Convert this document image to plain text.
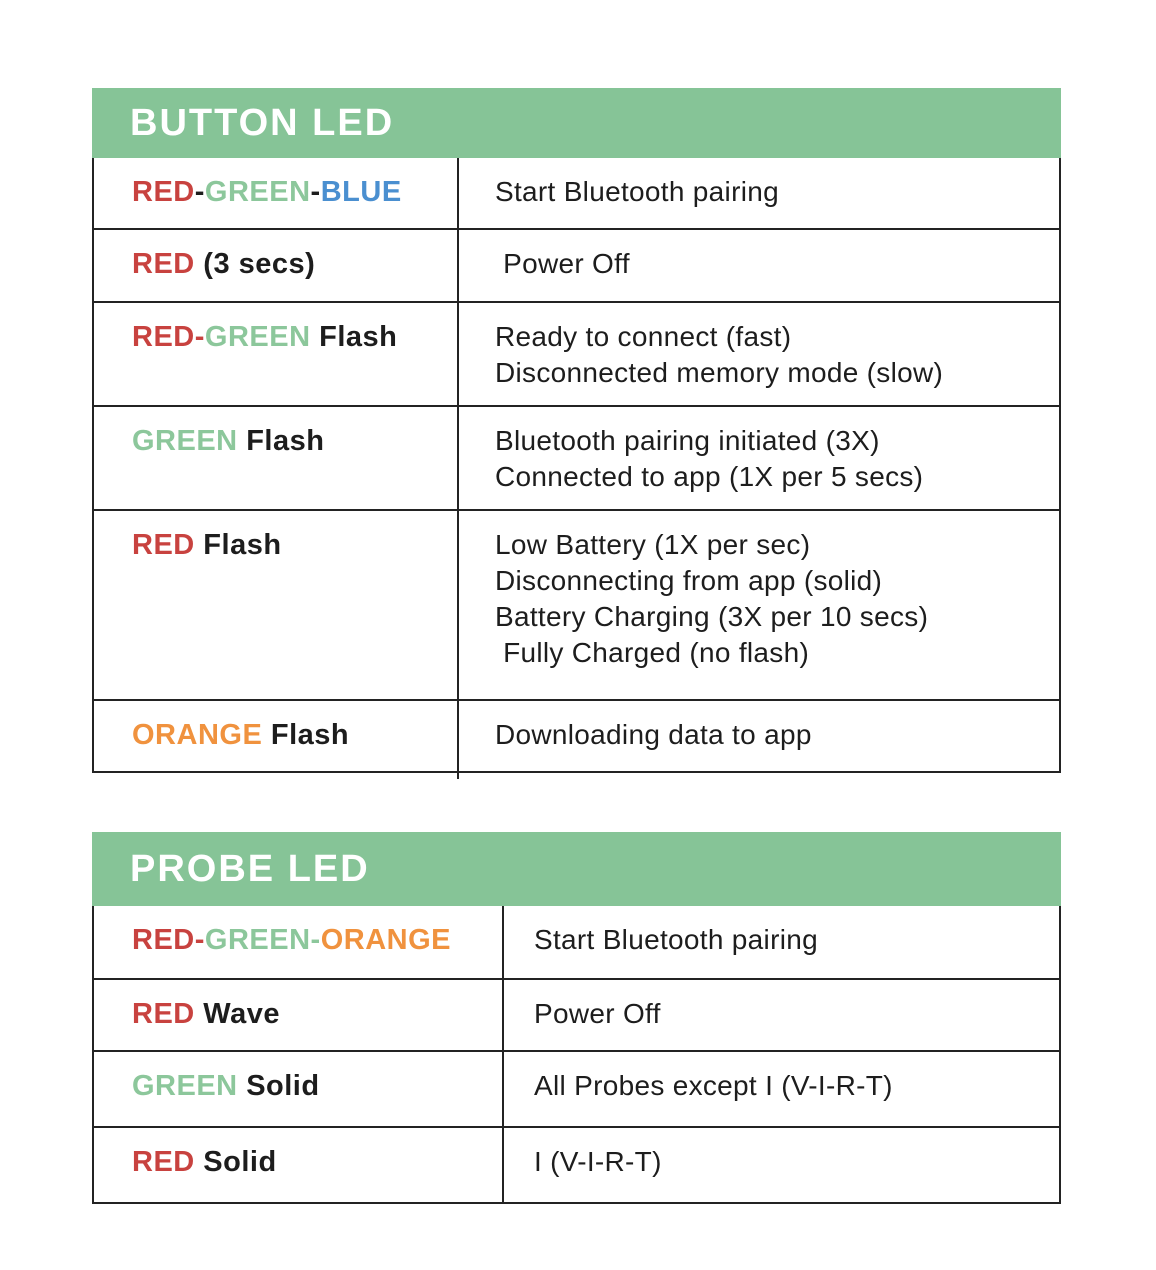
BUTTON LED
RED-GREEN-BLUE	Start Bluetooth pairing
RED (3 secs)	Power Off
RED-GREEN Flash	Ready to connect (fast)
Disconnected memory mode (slow)
GREEN Flash	Bluetooth pairing initiated (3X)
Connected to app (1X per 5 secs)
RED Flash	Low Battery (1X per sec)
Disconnecting from app (solid)
Battery Charging (3X per 10 secs)
Fully Charged (no flash)
ORANGE Flash	Downloading data to app
PROBE LED
RED-GREEN-ORANGE	Start Bluetooth pairing
RED Wave	Power Off
GREEN Solid	All Probes except I (V-I-R-T)
RED Solid	I (V-I-R-T)
